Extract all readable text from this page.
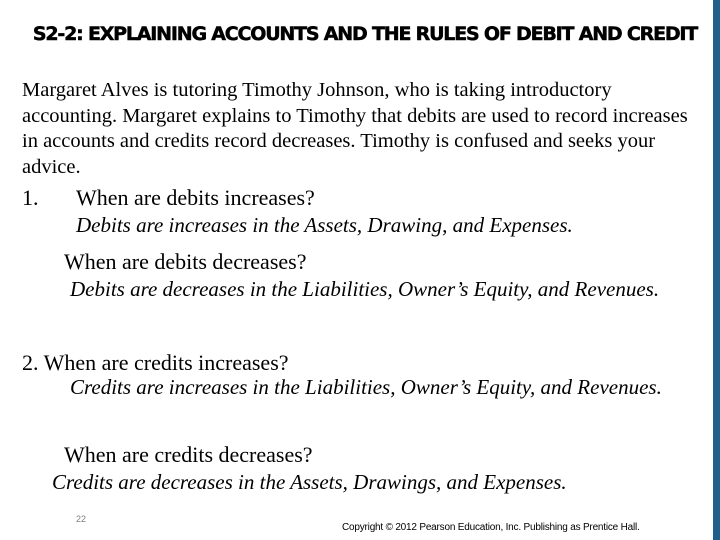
S2-2: EXPLAINING ACCOUNTS AND THE RULES OF DEBIT AND CREDIT
Margaret Alves is tutoring Timothy Johnson, who is taking introductory accounting. Margaret explains to Timothy that debits are used to record increases in accounts and credits record decreases. Timothy is confused and seeks your advice.
1. When are debits increases?
Debits are increases in the Assets, Drawing, and Expenses.
When are debits decreases?
Debits are decreases in the Liabilities, Owner’s Equity, and Revenues.
2. When are credits increases?
Credits are increases in the Liabilities, Owner’s Equity, and Revenues.
When are credits decreases?
Credits are decreases in the Assets, Drawings, and Expenses.
22
Copyright © 2012 Pearson Education, Inc. Publishing as Prentice Hall.
